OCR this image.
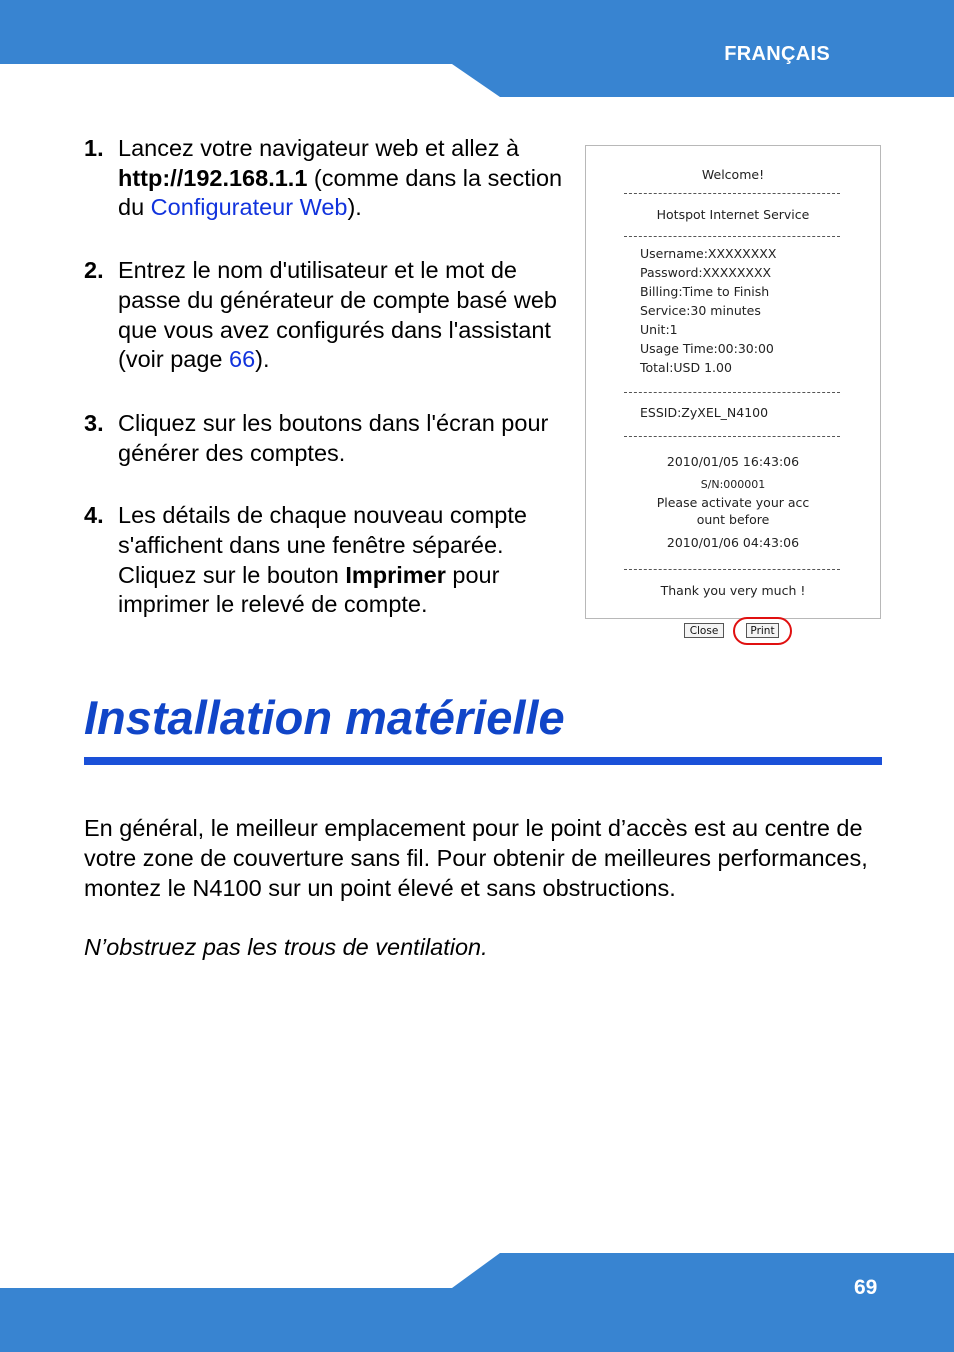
FRANÇAIS
1. Lancez votre navigateur web et allez à http://192.168.1.1 (comme dans la section du Configurateur Web).
2. Entrez le nom d'utilisateur et le mot de passe du générateur de compte basé web que vous avez configurés dans l'assistant (voir page 66).
3. Cliquez sur les boutons dans l'écran pour générer des comptes.
4. Les détails de chaque nouveau compte s'affichent dans une fenêtre séparée. Cliquez sur le bouton Imprimer pour imprimer le relevé de compte.
Welcome!
Hotspot Internet Service
Username:XXXXXXXX
Password:XXXXXXXX
Billing:Time to Finish
Service:30 minutes
Unit:1
Usage Time:00:30:00
Total:USD 1.00
ESSID:ZyXEL_N4100
2010/01/05 16:43:06
S/N:000001
Please activate your acc
ount before
2010/01/06 04:43:06
Thank you very much !
Close	Print
Installation matérielle

En général, le meilleur emplacement pour le point d’accès est au centre de votre zone de couverture sans fil. Pour obtenir de meilleures performances, montez le N4100 sur un point élevé et sans obstructions.

N’obstruez pas les trous de ventilation.

69
